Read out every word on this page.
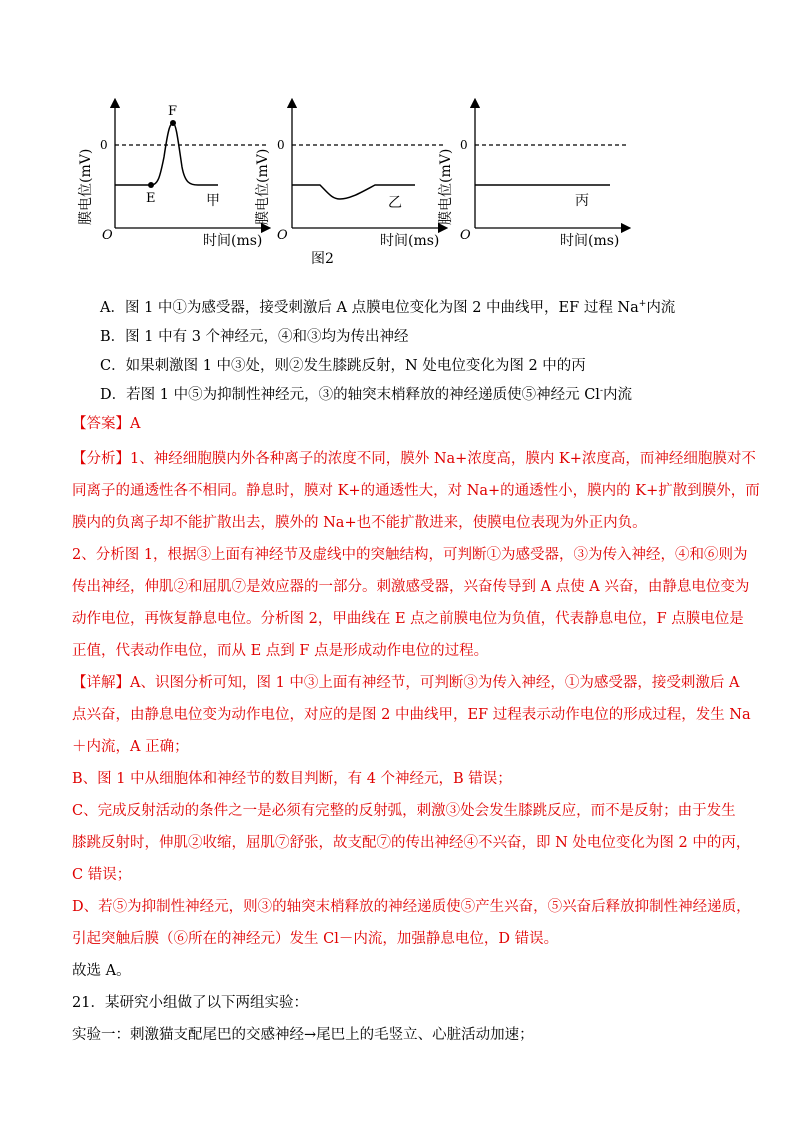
E
F
甲
0
O
膜电位(mV)	乙
0
O
膜电位(mV)
时间(ms)	时间(ms)
图2
丙
0
O
膜电位(mV)
时间(ms)
A．图 1 中①为感受器，接受刺激后 A 点膜电位变化为图 2 中曲线甲，EF 过程 Na+内流
B．图 1 中有 3 个神经元，④和③均为传出神经
C．如果刺激图 1 中③处，则②发生膝跳反射，N 处电位变化为图 2 中的丙
D．若图 1 中⑤为抑制性神经元，③的轴突末梢释放的神经递质使⑤神经元 Cl-内流
【答案】A
【分析】1、神经细胞膜内外各种离子的浓度不同，膜外 Na+浓度高，膜内 K+浓度高，而神经细胞膜对不
同离子的通透性各不相同。静息时，膜对 K+的通透性大，对 Na+的通透性小，膜内的 K+扩散到膜外，而
膜内的负离子却不能扩散出去，膜外的 Na+也不能扩散进来，使膜电位表现为外正内负。
2、分析图 1，根据③上面有神经节及虚线中的突触结构，可判断①为感受器，③为传入神经，④和⑥则为
传出神经，伸肌②和屈肌⑦是效应器的一部分。刺激感受器，兴奋传导到 A 点使 A 兴奋，由静息电位变为
动作电位，再恢复静息电位。分析图 2，甲曲线在 E 点之前膜电位为负值，代表静息电位，F 点膜电位是
正值，代表动作电位，而从 E 点到 F 点是形成动作电位的过程。
【详解】A、识图分析可知，图 1 中③上面有神经节，可判断③为传入神经，①为感受器，接受刺激后 A
点兴奋，由静息电位变为动作电位，对应的是图 2 中曲线甲，EF 过程表示动作电位的形成过程，发生 Na
＋内流，A 正确；
B、图 1 中从细胞体和神经节的数目判断，有 4 个神经元，B 错误；
C、完成反射活动的条件之一是必须有完整的反射弧，刺激③处会发生膝跳反应，而不是反射；由于发生
膝跳反射时，伸肌②收缩，屈肌⑦舒张，故支配⑦的传出神经④不兴奋，即 N 处电位变化为图 2 中的丙，
C 错误；
D、若⑤为抑制性神经元，则③的轴突末梢释放的神经递质使⑤产生兴奋，⑤兴奋后释放抑制性神经递质，
引起突触后膜（⑥所在的神经元）发生 Cl－内流，加强静息电位，D 错误。
故选 A。
21．某研究小组做了以下两组实验：
实验一：刺激猫支配尾巴的交感神经→尾巴上的毛竖立、心脏活动加速；
